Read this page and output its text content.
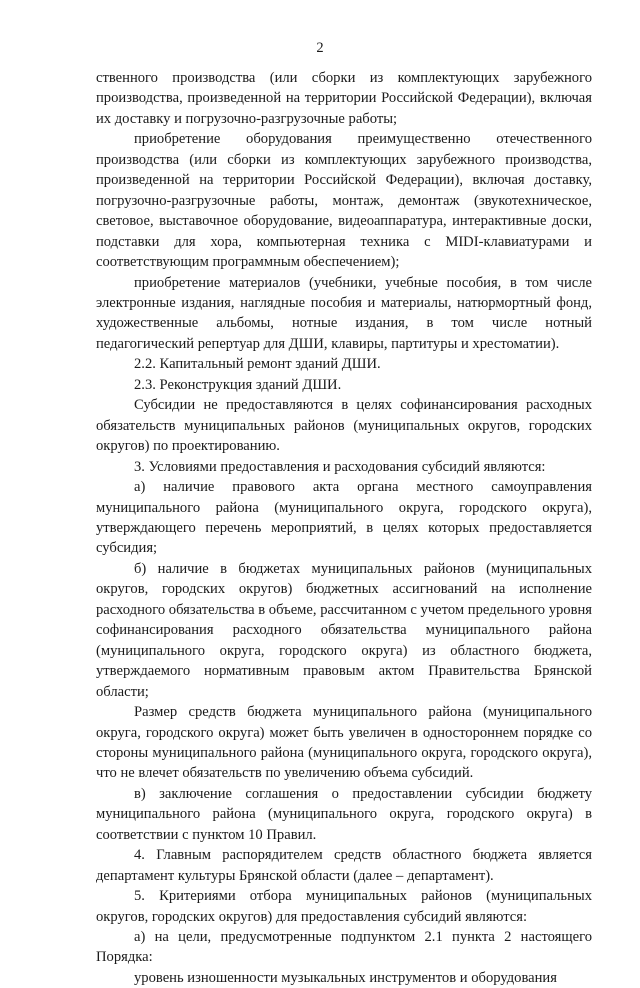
2

ственного производства (или сборки из комплектующих зарубежного производства, произведенной на территории Российской Федерации), включая их доставку и погрузочно-разгрузочные работы;

приобретение оборудования преимущественно отечественного производства (или сборки из комплектующих зарубежного производства, произведенной на территории Российской Федерации), включая доставку, погрузочно-разгрузочные работы, монтаж, демонтаж (звукотехническое, световое, выставочное оборудование, видеоаппаратура, интерактивные доски, подставки для хора, компьютерная техника с MIDI-клавиатурами и соответствующим программным обеспечением);

приобретение материалов (учебники, учебные пособия, в том числе электронные издания, наглядные пособия и материалы, натюрмортный фонд, художественные альбомы, нотные издания, в том числе нотный педагогический репертуар для ДШИ, клавиры, партитуры и хрестоматии).

2.2. Капитальный ремонт зданий ДШИ.

2.3. Реконструкция зданий ДШИ.

Субсидии не предоставляются в целях софинансирования расходных обязательств муниципальных районов (муниципальных округов, городских округов) по проектированию.

3. Условиями предоставления и расходования субсидий являются:

а) наличие правового акта органа местного самоуправления муниципального района (муниципального округа, городского округа), утверждающего перечень мероприятий, в целях которых предоставляется субсидия;

б) наличие в бюджетах муниципальных районов (муниципальных округов, городских округов) бюджетных ассигнований на исполнение расходного обязательства в объеме, рассчитанном с учетом предельного уровня софинансирования расходного обязательства муниципального района (муниципального округа, городского округа) из областного бюджета, утверждаемого нормативным правовым актом Правительства Брянской области;

Размер средств бюджета муниципального района (муниципального округа, городского округа) может быть увеличен в одностороннем порядке со стороны муниципального района (муниципального округа, городского округа), что не влечет обязательств по увеличению объема субсидий.

в) заключение соглашения о предоставлении субсидии бюджету муниципального района (муниципального округа, городского округа) в соответствии с пунктом 10 Правил.

4. Главным распорядителем средств областного бюджета является департамент культуры Брянской области (далее – департамент).

5. Критериями отбора муниципальных районов (муниципальных округов, городских округов) для предоставления субсидий являются:

а) на цели, предусмотренные подпунктом 2.1 пункта 2 настоящего Порядка:

уровень изношенности музыкальных инструментов и оборудования
